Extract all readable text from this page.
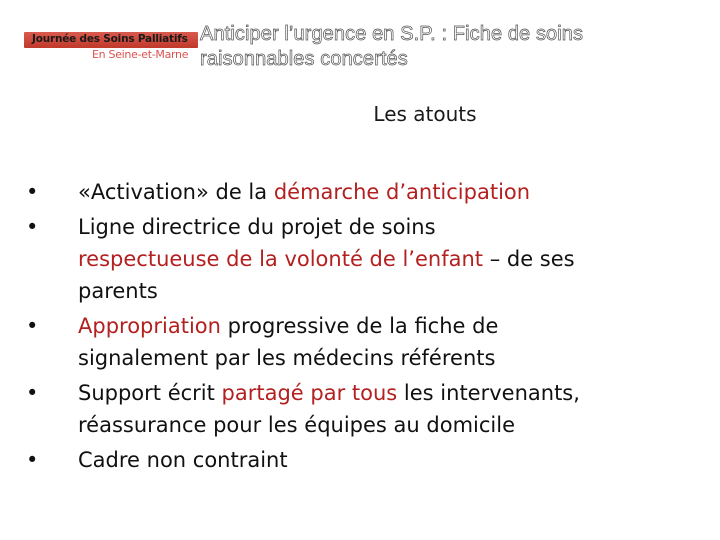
Journée des Soins Palliatifs
En Seine-et-Marne
Anticiper l’urgence en S.P. : Fiche de soins
raisonnables concertés
Les atouts
• «Activation» de la démarche d’anticipation
• Ligne directrice du projet de soins
respectueuse de la volonté de l’enfant – de ses
parents
• Appropriation progressive de la fiche de
signalement par les médecins référents
• Support écrit partagé par tous les intervenants,
réassurance pour les équipes au domicile
• Cadre non contraint
